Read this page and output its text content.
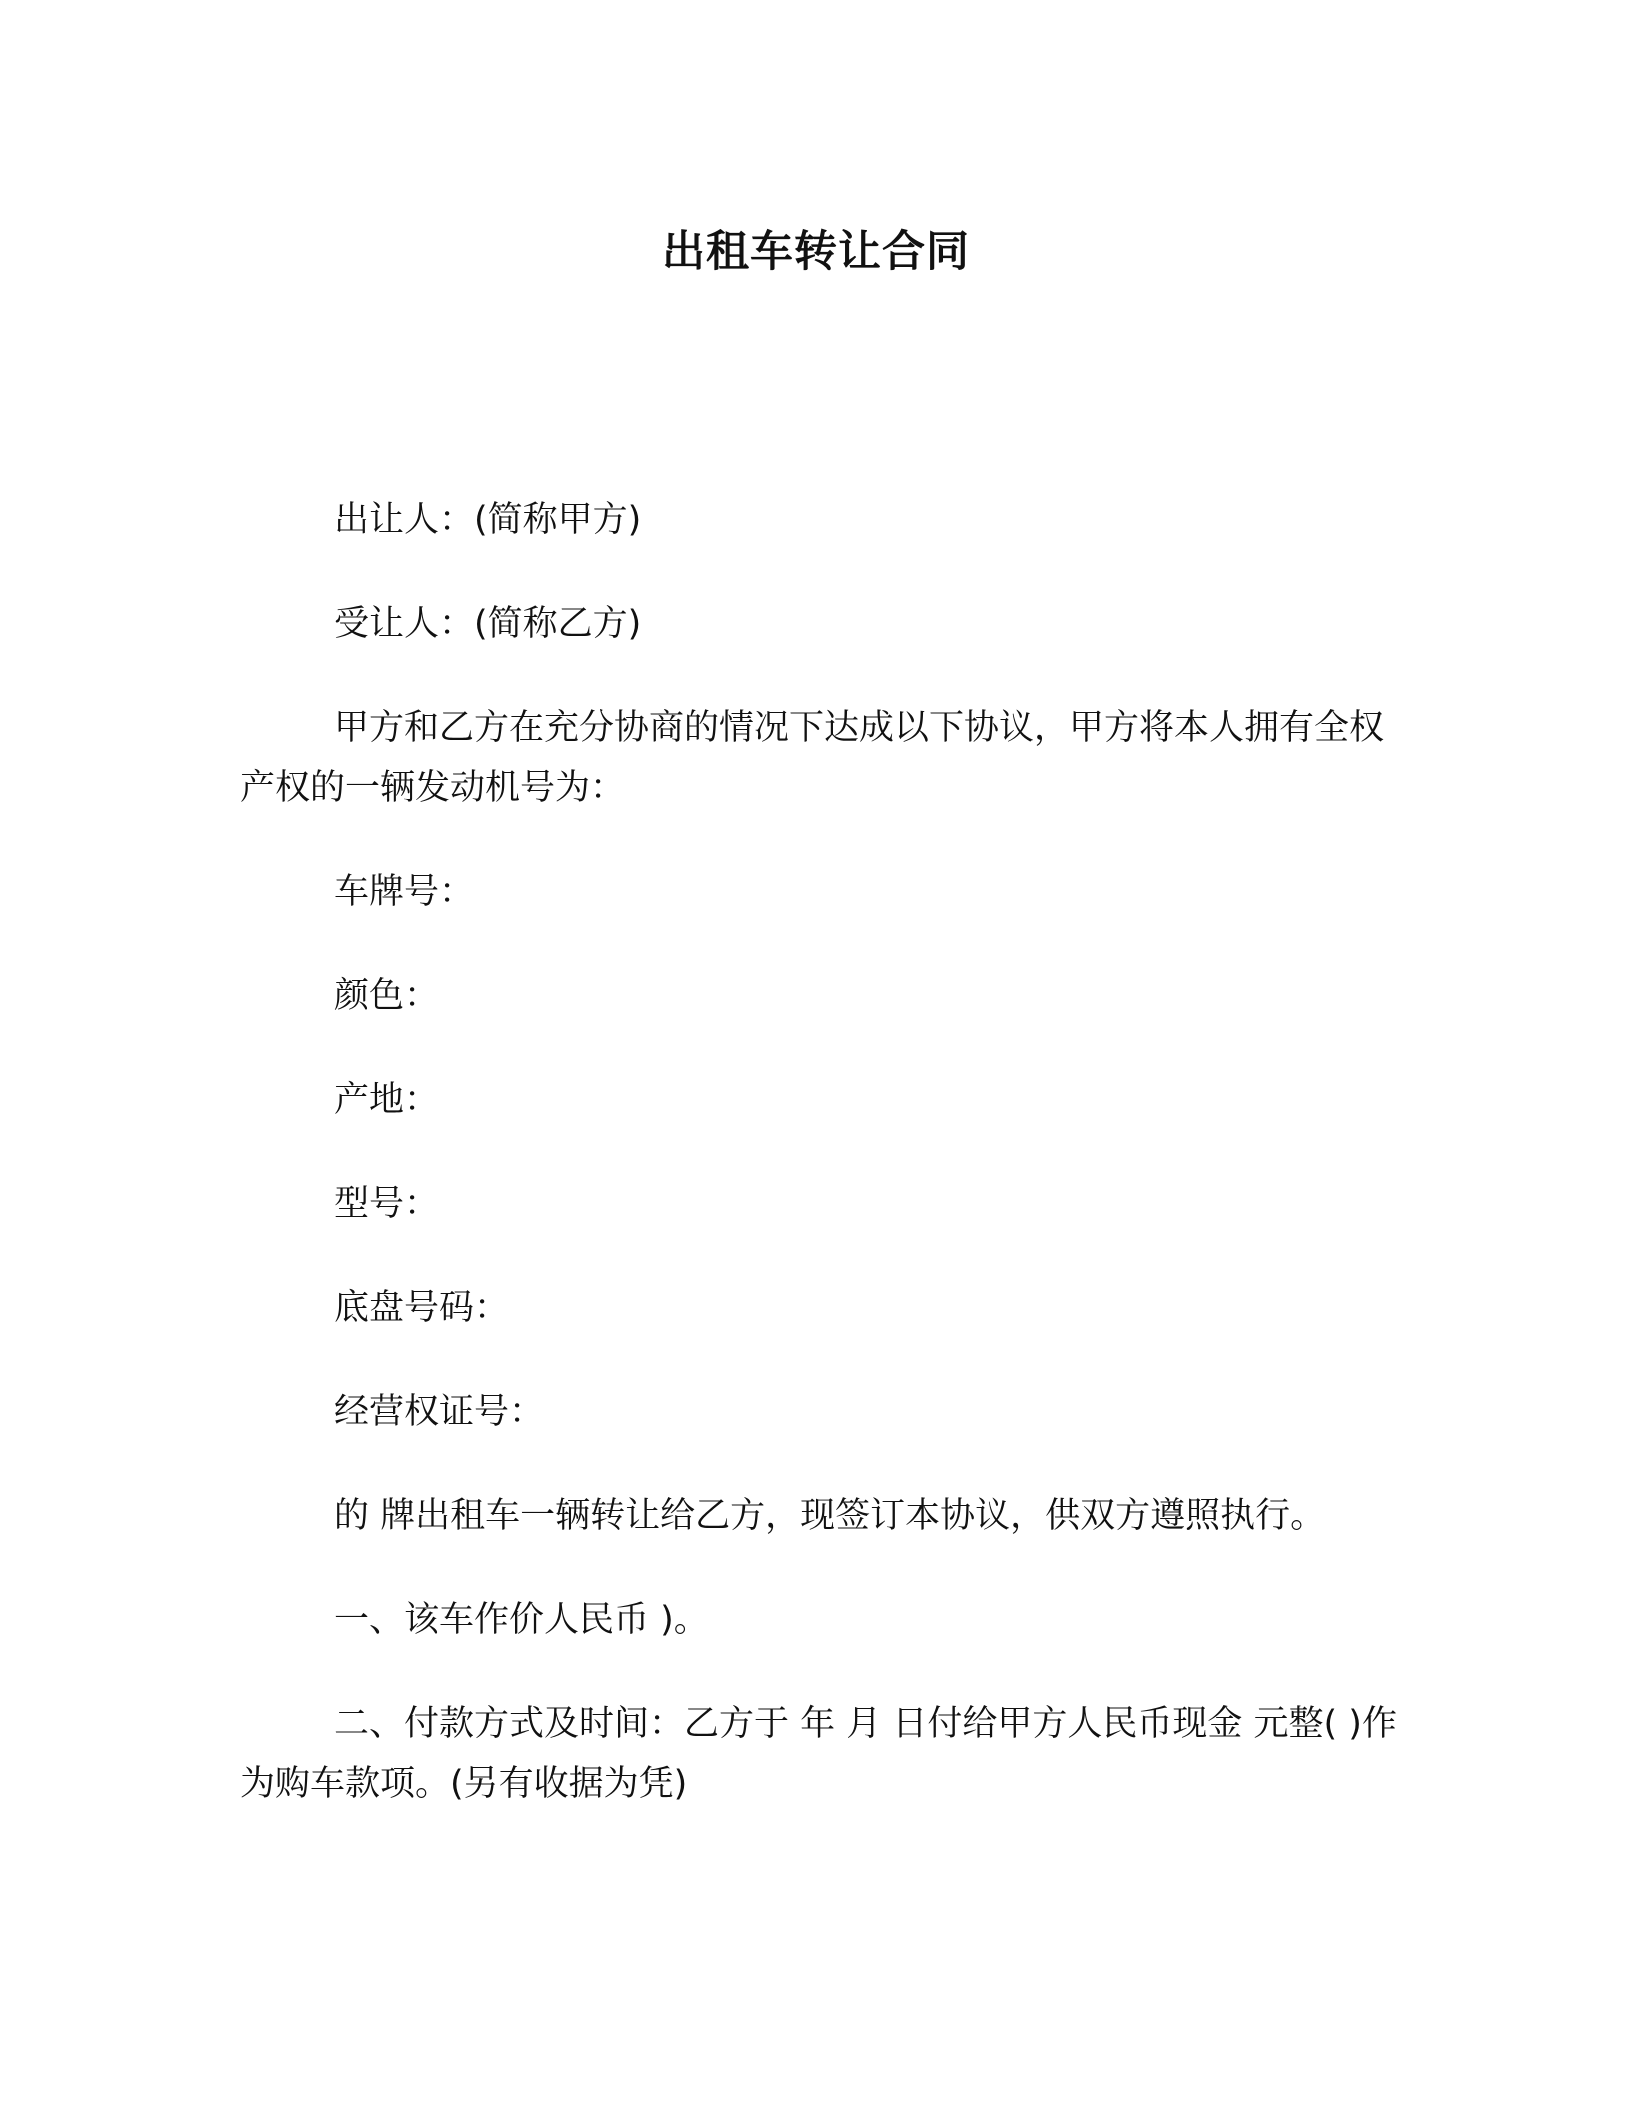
出租车转让合同

出让人：(简称甲方)

受让人：(简称乙方)

甲方和乙方在充分协商的情况下达成以下协议，甲方将本人拥有全权产权的一辆发动机号为：

车牌号：

颜色：

产地：

型号：

底盘号码：

经营权证号：

的 牌出租车一辆转让给乙方，现签订本协议，供双方遵照执行。

一、该车作价人民币 )。

二、付款方式及时间：乙方于 年 月 日付给甲方人民币现金 元整( )作为购车款项。(另有收据为凭)
